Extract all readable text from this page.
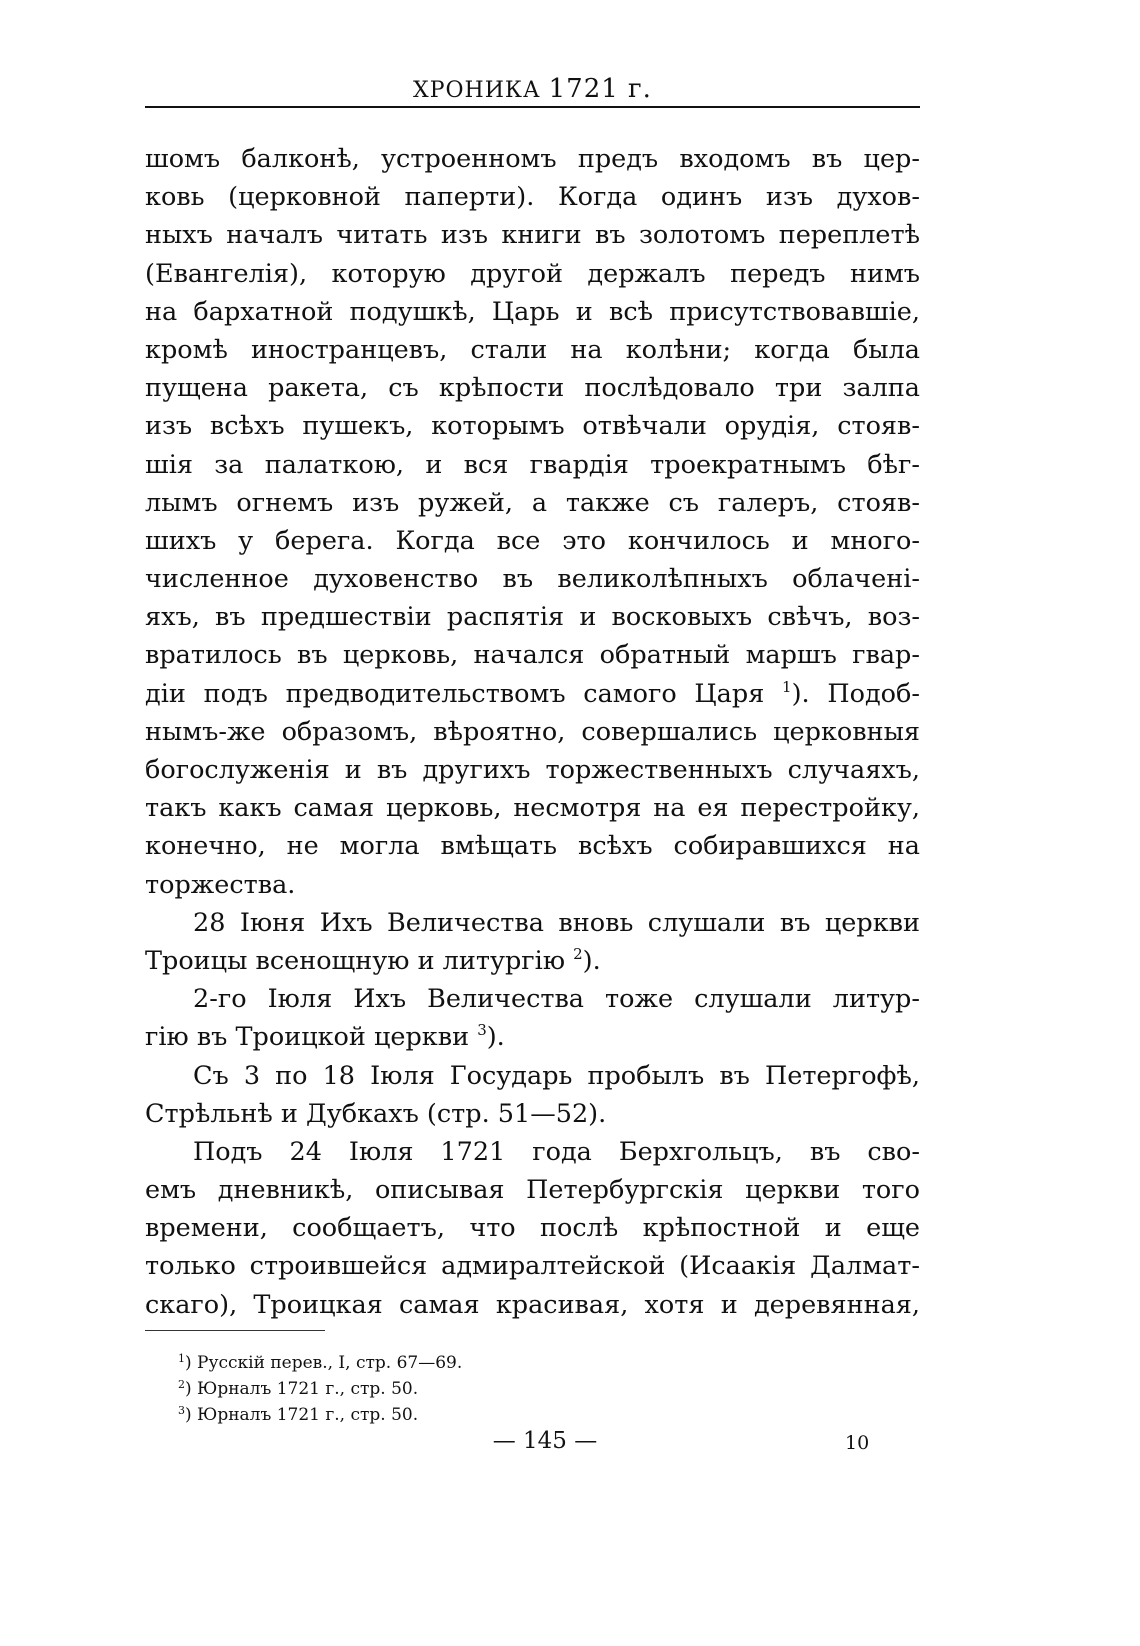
ХРОНИКА 1721 г.
шомъ балконѣ, устроенномъ предъ входомъ въ цер-
ковь (церковной паперти). Когда одинъ изъ духов-
ныхъ началъ читать изъ книги въ золотомъ переплетѣ
(Евангелія), которую другой держалъ передъ нимъ
на бархатной подушкѣ, Царь и всѣ присутствовавшіе,
кромѣ иностранцевъ, стали на колѣни; когда была
пущена ракета, съ крѣпости послѣдовало три залпа
изъ всѣхъ пушекъ, которымъ отвѣчали орудія, стояв-
шія за палаткою, и вся гвардія троекратнымъ бѣг-
лымъ огнемъ изъ ружей, а также съ галеръ, стояв-
шихъ у берега. Когда все это кончилось и много-
численное духовенство въ великолѣпныхъ облаченi-
яхъ, въ предшествiи распятія и восковыхъ свѣчъ, воз-
вратилось въ церковь, начался обратный маршъ гвар-
дiи подъ предводительствомъ самого Царя $^1$). Подоб-
нымъ-же образомъ, вѣроятно, совершались церковныя
богослуженія и въ другихъ торжественныхъ случаяхъ,
такъ какъ самая церковь, несмотря на ея перестройку,
конечно, не могла вмѣщать всѣхъ собиравшихся на
торжества.
28 Іюня Ихъ Величества вновь слушали въ церкви
Троицы всенощную и литургію $^2$).
2-го Іюля Ихъ Величества тоже слушали литур-
гію въ Троицкой церкви $^3$).
Съ 3 по 18 Іюля Государь пробылъ въ Петергофѣ,
Стрѣльнѣ и Дубкахъ (стр. 51—52).
Подъ 24 Іюля 1721 года Берхгольцъ, въ сво-
емъ дневникѣ, описывая Петербургскія церкви того
времени, сообщаетъ, что послѣ крѣпостной и еще
только строившейся адмиралтейской (Исаакія Далмат-
скаго), Троицкая самая красивая, хотя и деревянная,
$^1$) Русскій перев., I, стр. 67—69.
$^2$) Юрналъ 1721 г., стр. 50.
$^3$) Юрналъ 1721 г., стр. 50.
— 145 —	10
